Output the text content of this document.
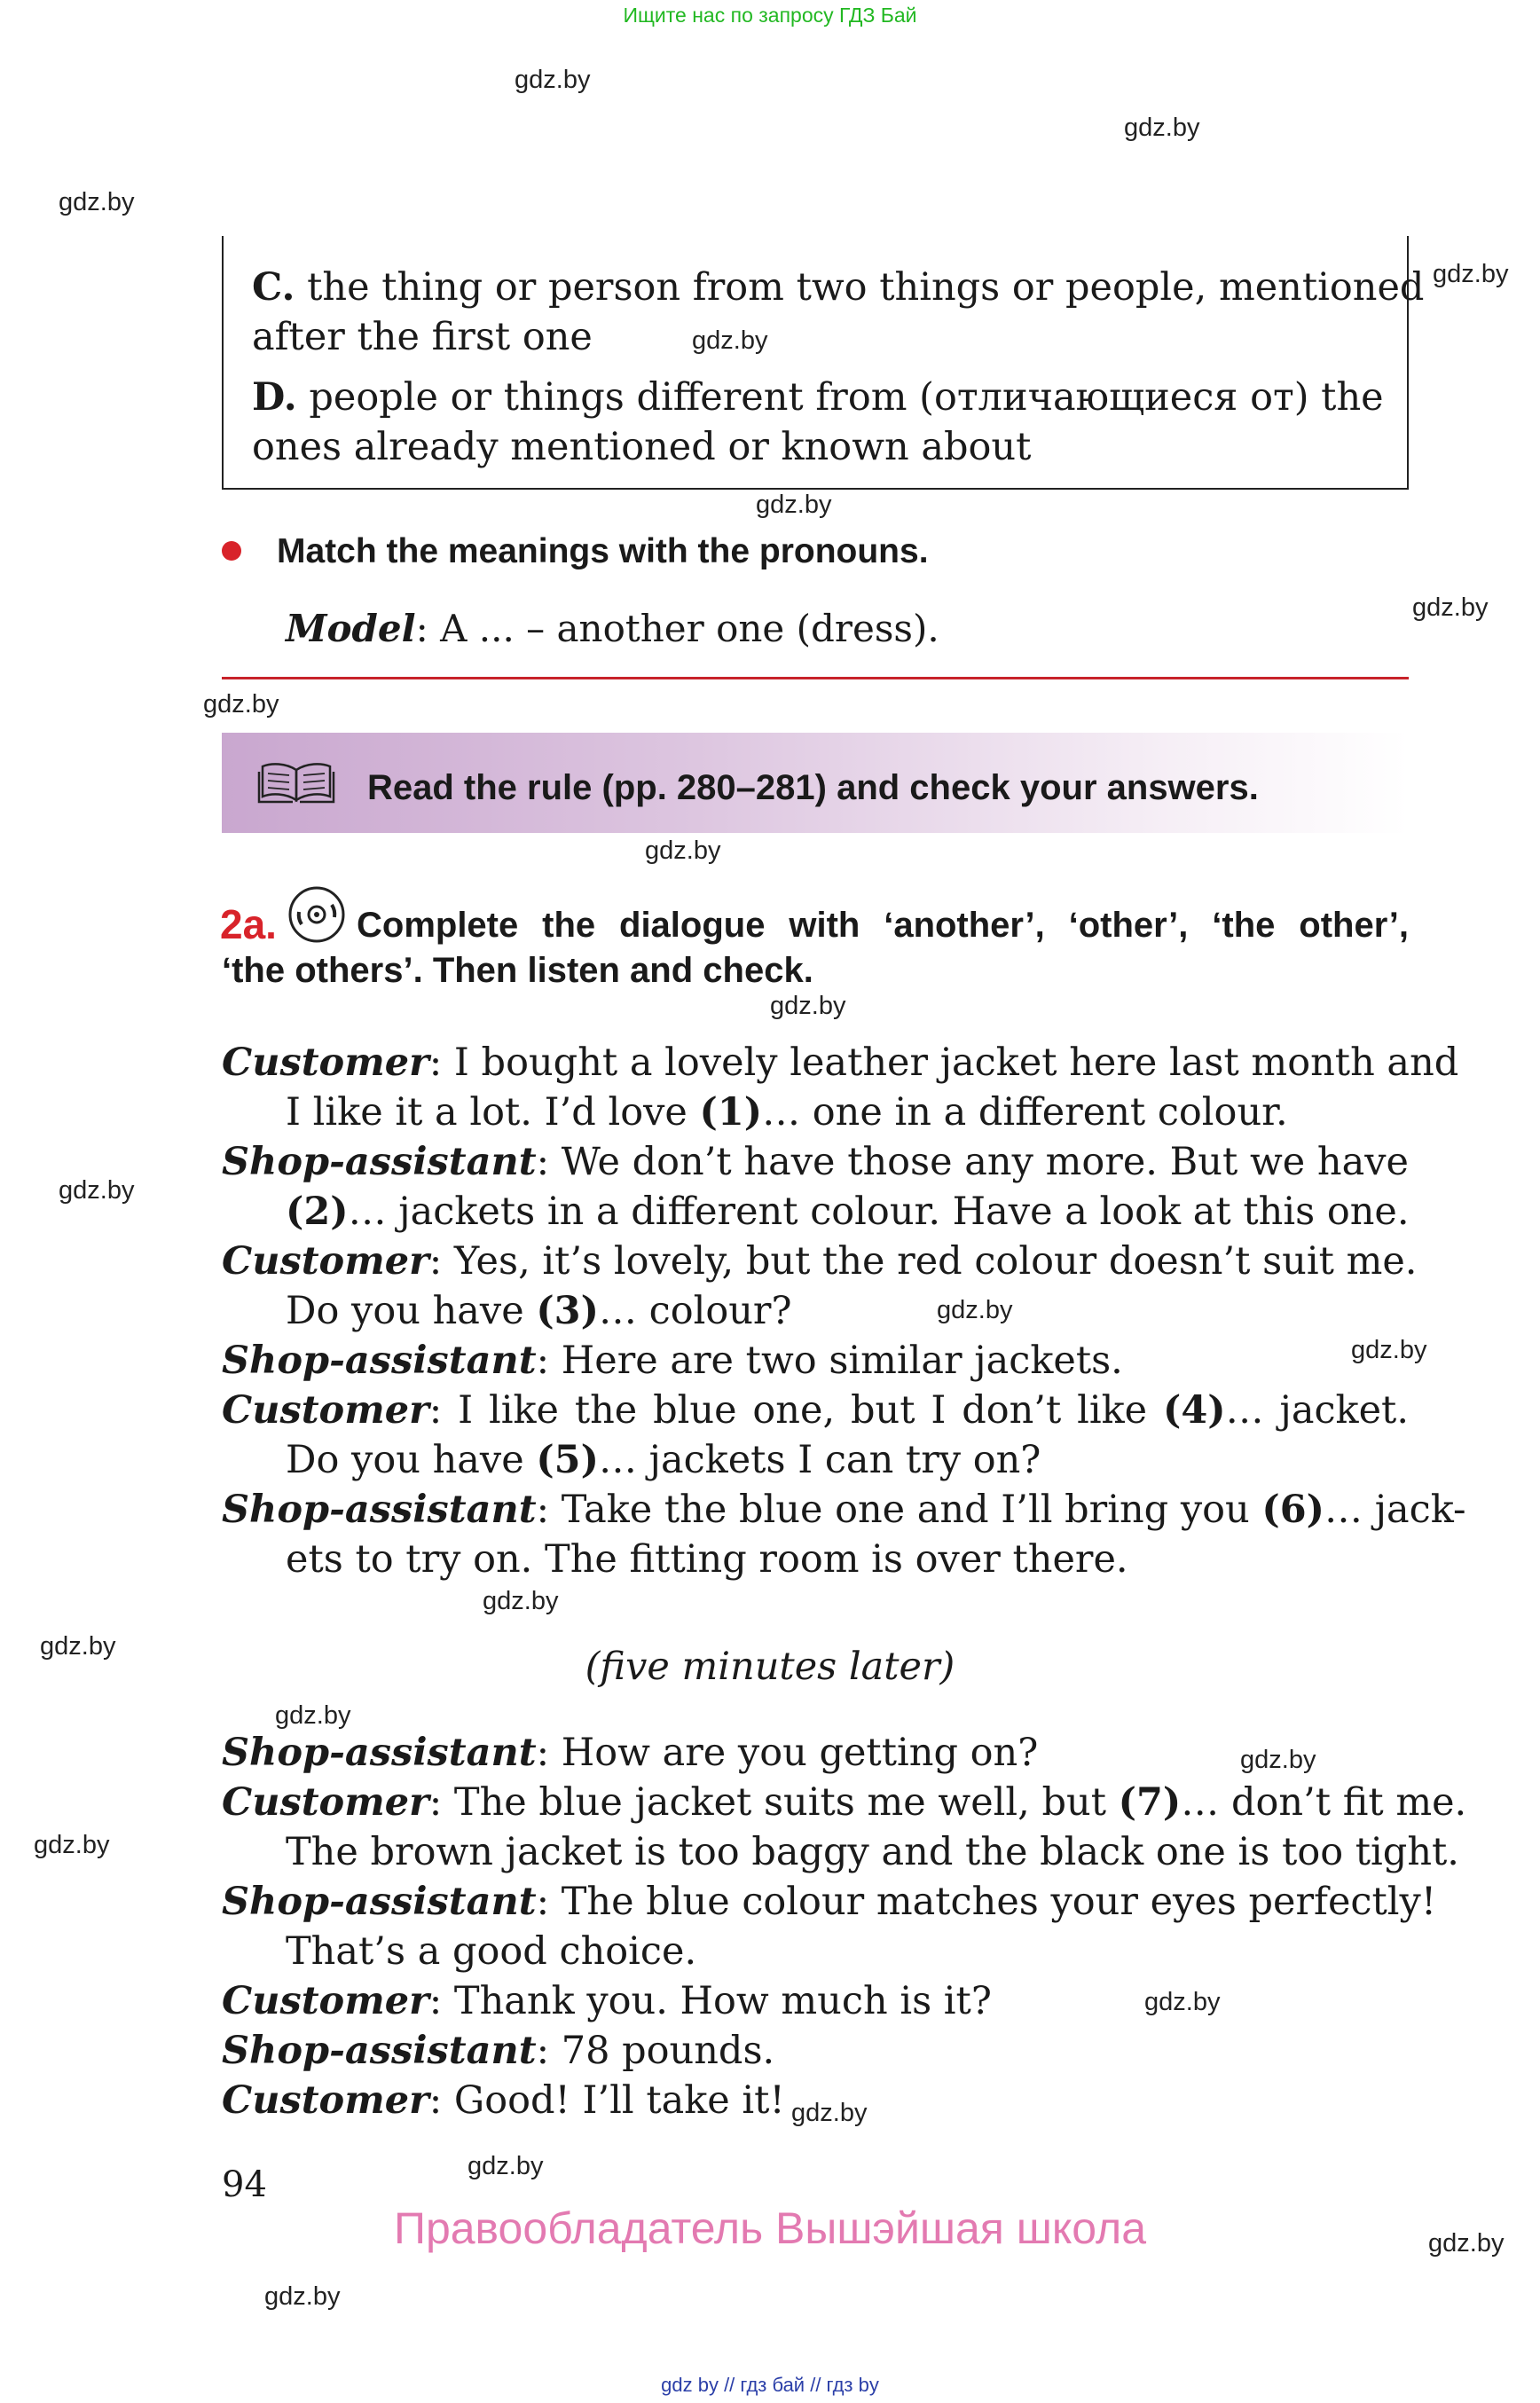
Ищите нас по запросу ГДЗ Бай
gdz.by
gdz.by
gdz.by
gdz.by
gdz.by
gdz.by
gdz.by
gdz.by
gdz.by
gdz.by
gdz.by
gdz.by
gdz.by
gdz.by
gdz.by
gdz.by
gdz.by
gdz.by
gdz.by
gdz.by
gdz.by
gdz.by
gdz.by
C. the thing or person from two things or people, mentioned
after the first one
D. people or things different from (отличающиеся от) the
ones already mentioned or known about
Match the meanings with the pronouns.
Model: A ... – another one (dress).
Read the rule (pp. 280–281) and check your answers.
2a. Complete the dialogue with ‘another’, ‘other’, ‘the other’,
‘the others’. Then listen and check.
Customer: I bought a lovely leather jacket here last month and
I like it a lot. I’d love (1)… one in a different colour.
Shop-assistant: We don’t have those any more. But we have
(2)… jackets in a different colour. Have a look at this one.
Customer: Yes, it’s lovely, but the red colour doesn’t suit me.
Do you have (3)… colour?
Shop-assistant: Here are two similar jackets.
Customer: I like the blue one, but I don’t like (4)… jacket.
Do you have (5)… jackets I can try on?
Shop-assistant: Take the blue one and I’ll bring you (6)… jack-
ets to try on. The fitting room is over there.
(five minutes later)
Shop-assistant: How are you getting on?
Customer: The blue jacket suits me well, but (7)… don’t fit me.
The brown jacket is too baggy and the black one is too tight.
Shop-assistant: The blue colour matches your eyes perfectly!
That’s a good choice.
Customer: Thank you. How much is it?
Shop-assistant: 78 pounds.
Customer: Good! I’ll take it!
94
Правообладатель Вышэйшая школа
gdz by // гдз бай // гдз by
